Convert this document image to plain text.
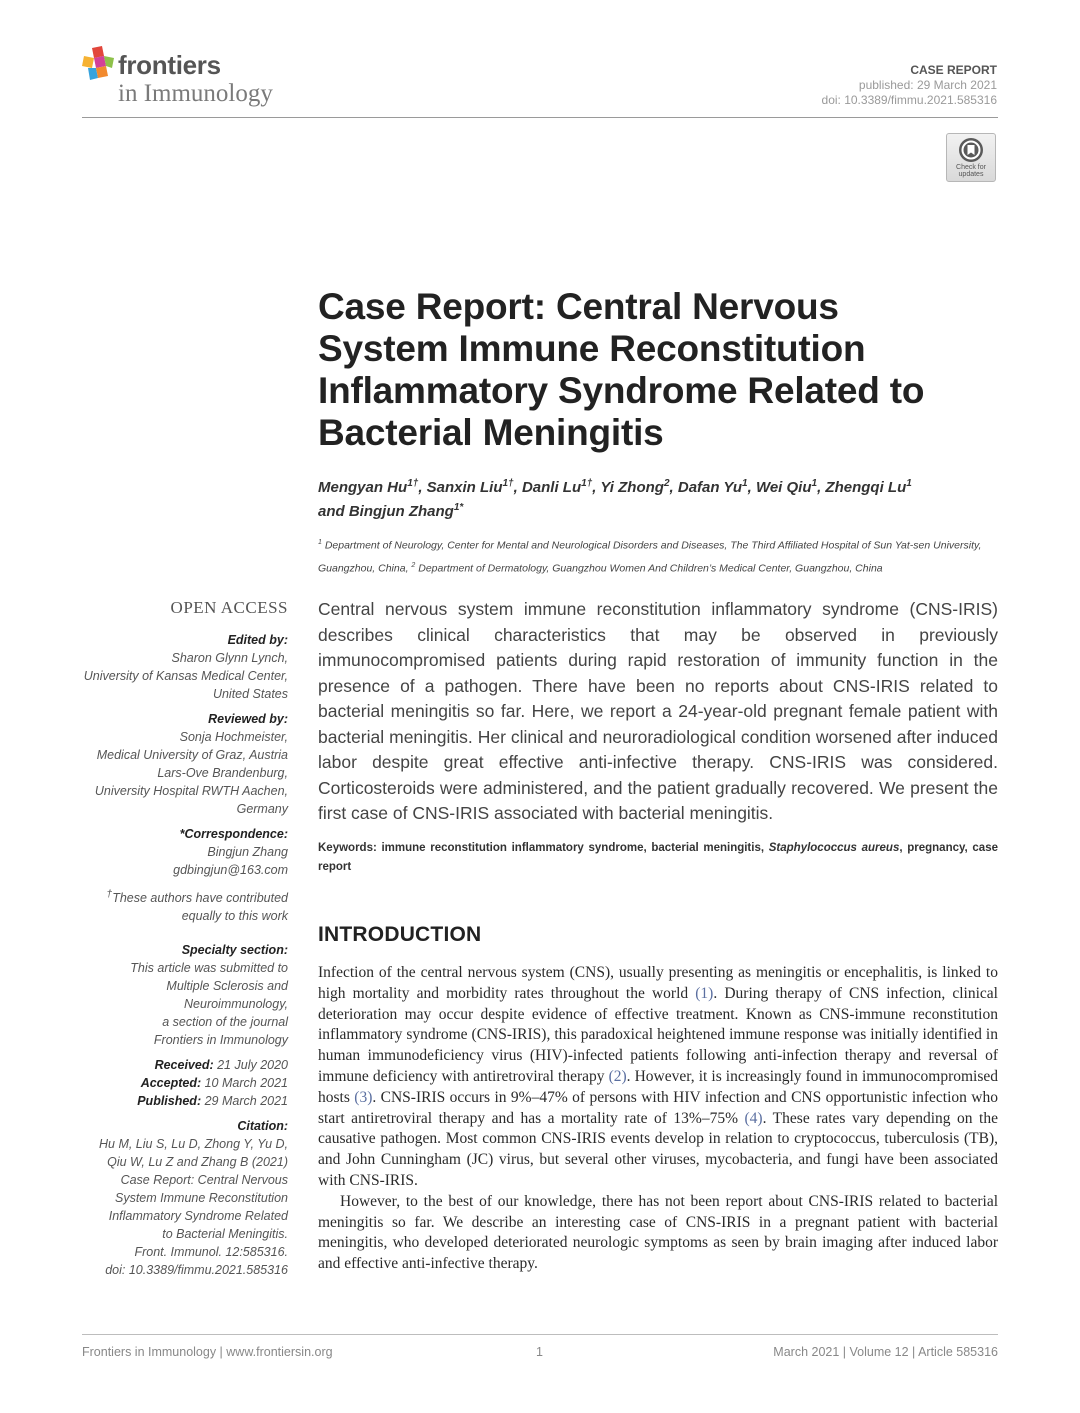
frontiers
in Immunology
CASE REPORT
published: 29 March 2021
doi: 10.3389/fimmu.2021.585316
Check for updates
Case Report: Central Nervous System Immune Reconstitution Inflammatory Syndrome Related to Bacterial Meningitis
Mengyan $Hu^{1\dagger}$, Sanxin Liu$^{1\dagger}$, Danli $Lu^{1\dagger}$, Yi Zhong$^2$, Dafan Yu$^1$, Wei Qiu$^1$, Zhengqi Lu$^1$
and Bingjun Zhang$^{1*}$
$^1$ Department of Neurology, Center for Mental and Neurological Disorders and Diseases, The Third Affiliated Hospital of Sun Yat-sen University, Guangzhou, China, $^2$ Department of Dermatology, Guangzhou Women And Children’s Medical Center, Guangzhou, China
OPEN ACCESS
Edited by:
Sharon Glynn Lynch,
University of Kansas Medical Center,
United States
Reviewed by:
Sonja Hochmeister,
Medical University of Graz, Austria
Lars-Ove Brandenburg,
University Hospital RWTH Aachen,
Germany
*Correspondence:
Bingjun Zhang
gdbingjun@163.com
†These authors have contributed
equally to this work
Specialty section:
This article was submitted to
Multiple Sclerosis and
Neuroimmunology,
a section of the journal
Frontiers in Immunology
Received: 21 July 2020
Accepted: 10 March 2021
Published: 29 March 2021
Citation:
Hu M, Liu S, Lu D, Zhong Y, Yu D,
Qiu W, Lu Z and Zhang B (2021)
Case Report: Central Nervous
System Immune Reconstitution
Inflammatory Syndrome Related
to Bacterial Meningitis.
Front. Immunol. 12:585316.
doi: 10.3389/fimmu.2021.585316
Central nervous system immune reconstitution inflammatory syndrome (CNS-IRIS) describes clinical characteristics that may be observed in previously immunocompromised patients during rapid restoration of immunity function in the presence of a pathogen. There have been no reports about CNS-IRIS related to bacterial meningitis so far. Here, we report a 24-year-old pregnant female patient with bacterial meningitis. Her clinical and neuroradiological condition worsened after induced labor despite great effective anti-infective therapy. CNS-IRIS was considered. Corticosteroids were administered, and the patient gradually recovered. We present the first case of CNS-IRIS associated with bacterial meningitis.
Keywords: immune reconstitution inflammatory syndrome, bacterial meningitis, Staphylococcus aureus, pregnancy, case report
INTRODUCTION

Infection of the central nervous system (CNS), usually presenting as meningitis or encephalitis, is linked to high mortality and morbidity rates throughout the world (1). During therapy of CNS infection, clinical deterioration may occur despite evidence of effective treatment. Known as CNS-immune reconstitution inflammatory syndrome (CNS-IRIS), this paradoxical heightened immune response was initially identified in human immunodeficiency virus (HIV)-infected patients following anti-infection therapy and reversal of immune deficiency with antiretroviral therapy (2). However, it is increasingly found in immunocompromised hosts (3). CNS-IRIS occurs in 9%–47% of persons with HIV infection and CNS opportunistic infection who start antiretroviral therapy and has a mortality rate of 13%–75% (4). These rates vary depending on the causative pathogen. Most common CNS-IRIS events develop in relation to cryptococcus, tuberculosis (TB), and John Cunningham (JC) virus, but several other viruses, mycobacteria, and fungi have been associated with CNS-IRIS.

However, to the best of our knowledge, there has not been report about CNS-IRIS related to bacterial meningitis so far. We describe an interesting case of CNS-IRIS in a pregnant patient with bacterial meningitis, who developed deteriorated neurologic symptoms as seen by brain imaging after induced labor and effective anti-infective therapy.

Frontiers in Immunology | www.frontiersin.org	1	March 2021 | Volume 12 | Article 585316
